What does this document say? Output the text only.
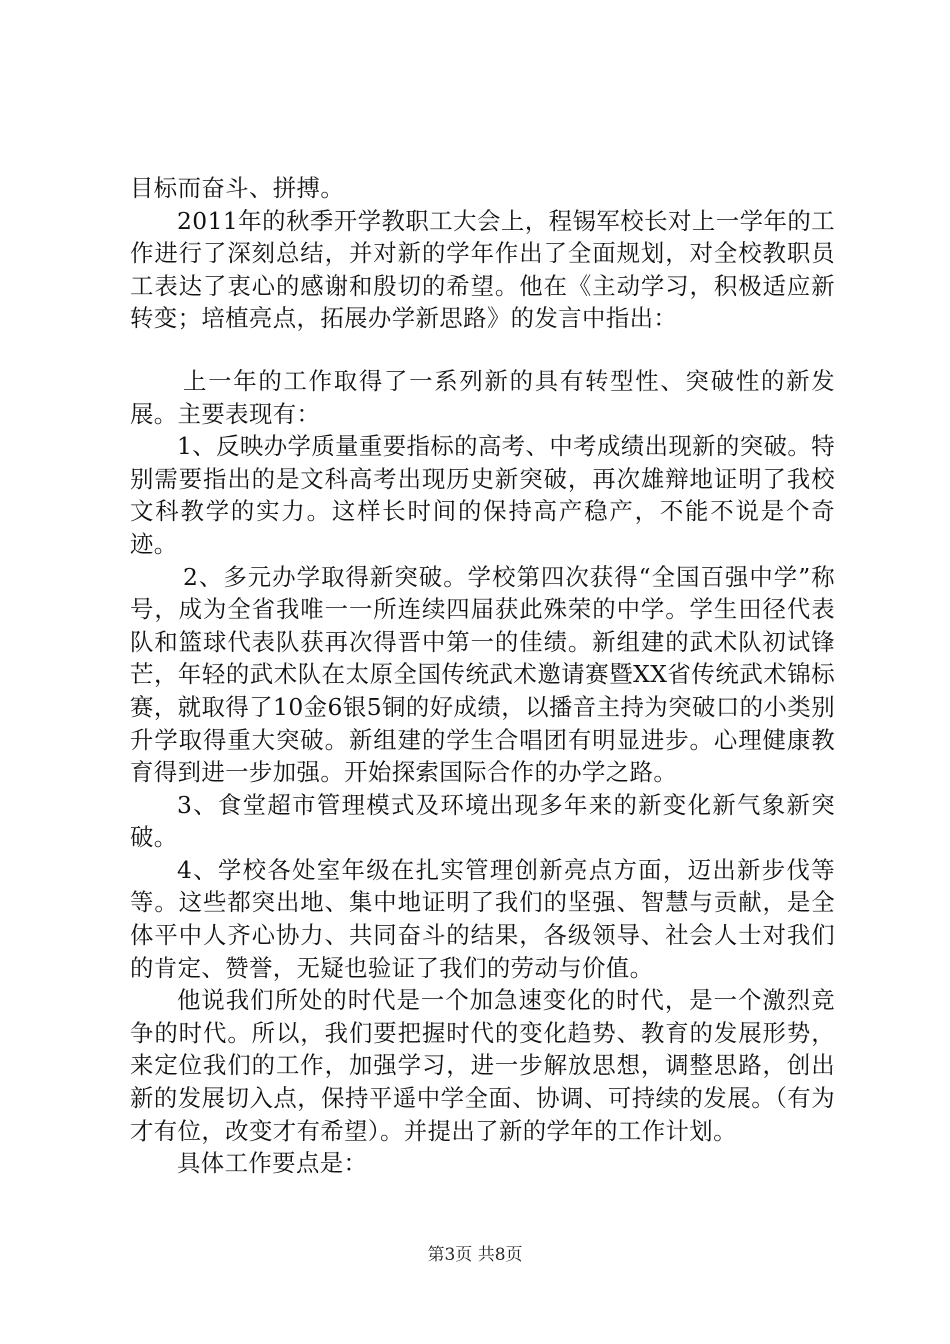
目标而奋斗、拼搏。

2011年的秋季开学教职工大会上，程锡军校长对上一学年的工作进行了深刻总结，并对新的学年作出了全面规划，对全校教职员工表达了衷心的感谢和殷切的希望。他在《主动学习，积极适应新转变；培植亮点，拓展办学新思路》的发言中指出：

上一年的工作取得了一系列新的具有转型性、突破性的新发展。主要表现有：

1、反映办学质量重要指标的高考、中考成绩出现新的突破。特别需要指出的是文科高考出现历史新突破，再次雄辩地证明了我校文科教学的实力。这样长时间的保持高产稳产，不能不说是个奇迹。

2、多元办学取得新突破。学校第四次获得“全国百强中学”称号，成为全省我唯一一所连续四届获此殊荣的中学。学生田径代表队和篮球代表队获再次得晋中第一的佳绩。新组建的武术队初试锋芒，年轻的武术队在太原全国传统武术邀请赛暨XX省传统武术锦标赛，就取得了10金6银5铜的好成绩，以播音主持为突破口的小类别升学取得重大突破。新组建的学生合唱团有明显进步。心理健康教育得到进一步加强。开始探索国际合作的办学之路。

3、食堂超市管理模式及环境出现多年来的新变化新气象新突破。

4、学校各处室年级在扎实管理创新亮点方面，迈出新步伐等等。这些都突出地、集中地证明了我们的坚强、智慧与贡献，是全体平中人齐心协力、共同奋斗的结果，各级领导、社会人士对我们的肯定、赞誉，无疑也验证了我们的劳动与价值。

他说我们所处的时代是一个加急速变化的时代，是一个激烈竞争的时代。所以，我们要把握时代的变化趋势、教育的发展形势，来定位我们的工作，加强学习，进一步解放思想，调整思路，创出新的发展切入点，保持平遥中学全面、协调、可持续的发展。（有为才有位，改变才有希望）。并提出了新的学年的工作计划。

具体工作要点是：

第3页 共8页
